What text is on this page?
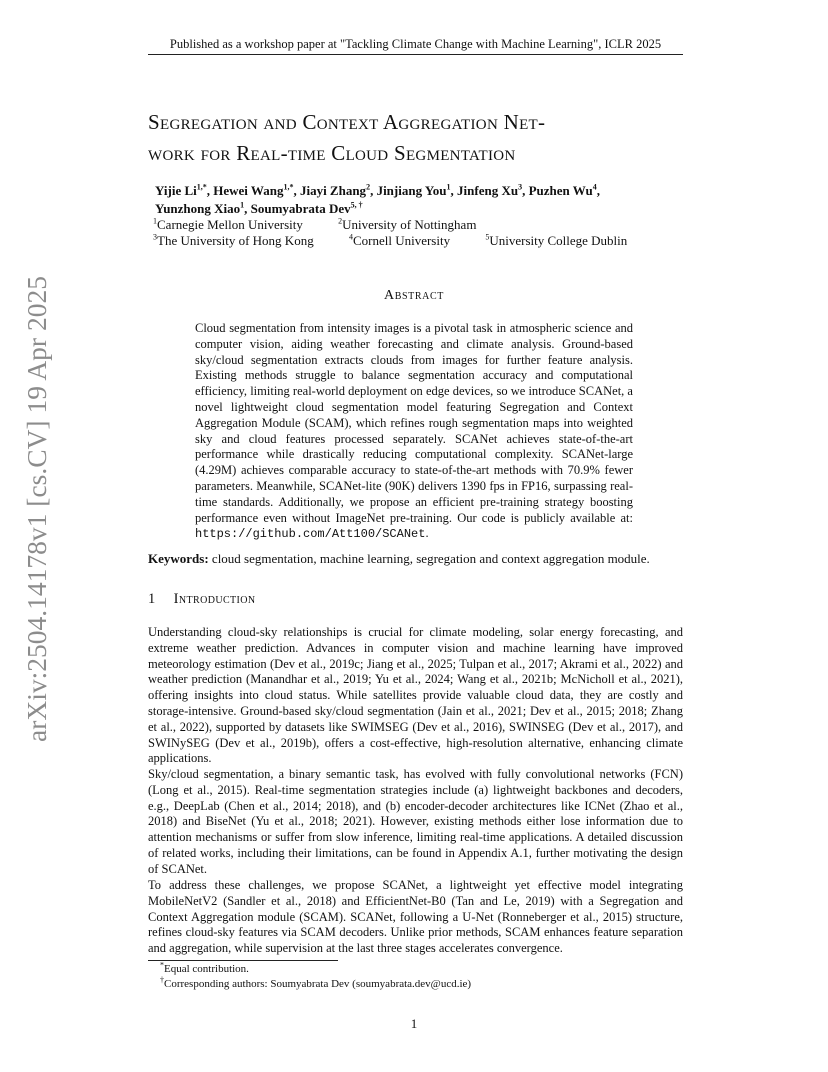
Published as a workshop paper at "Tackling Climate Change with Machine Learning", ICLR 2025
arXiv:2504.14178v1 [cs.CV] 19 Apr 2025
Segregation and Context Aggregation Net-
work for Real-time Cloud Segmentation
Yijie $Li^{1,*}$, Hewei Wang$^{1,*}$, Jiayi Zhang$^2$, Jinjiang You$^1$, Jinfeng Xu$^3$, Puzhen Wu$^4$,
Yunzhong Xiao$^1$, Soumyabrata Dev$^{5, \dagger}$
$^1$Carnegie Mellon University	$^2$University of Nottingham
$^3$The University of Hong Kong	$^4$Cornell University	$^5$University College Dublin
Abstract
Cloud segmentation from intensity images is a pivotal task in atmospheric science and computer vision, aiding weather forecasting and climate analysis. Ground-based sky/cloud segmentation extracts clouds from images for further feature analysis. Existing methods struggle to balance segmentation accuracy and computational efficiency, limiting real-world deployment on edge devices, so we introduce SCANet, a novel lightweight cloud segmentation model featuring Segregation and Context Aggregation Module (SCAM), which refines rough segmentation maps into weighted sky and cloud features processed separately. SCANet achieves state-of-the-art performance while drastically reducing computational complexity. SCANet-large (4.29M) achieves comparable accuracy to state-of-the-art methods with 70.9% fewer parameters. Meanwhile, SCANet-lite (90K) delivers 1390 fps in FP16, surpassing real-time standards. Additionally, we propose an efficient pre-training strategy boosting performance even without ImageNet pre-training. Our code is publicly available at: https://github.com/Att100/SCANet.
Keywords: cloud segmentation, machine learning, segregation and context aggregation module.
1 Introduction
Understanding cloud-sky relationships is crucial for climate modeling, solar energy forecasting, and extreme weather prediction. Advances in computer vision and machine learning have improved meteorology estimation (Dev et al., 2019c; Jiang et al., 2025; Tulpan et al., 2017; Akrami et al., 2022) and weather prediction (Manandhar et al., 2019; Yu et al., 2024; Wang et al., 2021b; McNicholl et al., 2021), offering insights into cloud status. While satellites provide valuable cloud data, they are costly and storage-intensive. Ground-based sky/cloud segmentation (Jain et al., 2021; Dev et al., 2015; 2018; Zhang et al., 2022), supported by datasets like SWIMSEG (Dev et al., 2016), SWINSEG (Dev et al., 2017), and SWINySEG (Dev et al., 2019b), offers a cost-effective, high-resolution alternative, enhancing climate applications.
Sky/cloud segmentation, a binary semantic task, has evolved with fully convolutional networks (FCN) (Long et al., 2015). Real-time segmentation strategies include (a) lightweight backbones and decoders, e.g., DeepLab (Chen et al., 2014; 2018), and (b) encoder-decoder architectures like ICNet (Zhao et al., 2018) and BiseNet (Yu et al., 2018; 2021). However, existing methods either lose information due to attention mechanisms or suffer from slow inference, limiting real-time applications. A detailed discussion of related works, including their limitations, can be found in Appendix A.1, further motivating the design of SCANet.
To address these challenges, we propose SCANet, a lightweight yet effective model integrating MobileNetV2 (Sandler et al., 2018) and EfficientNet-B0 (Tan and Le, 2019) with a Segregation and Context Aggregation module (SCAM). SCANet, following a U-Net (Ronneberger et al., 2015) structure, refines cloud-sky features via SCAM decoders. Unlike prior methods, SCAM enhances feature separation and aggregation, while supervision at the last three stages accelerates convergence.
*Equal contribution.
†Corresponding authors: Soumyabrata Dev (soumyabrata.dev@ucd.ie)
1
